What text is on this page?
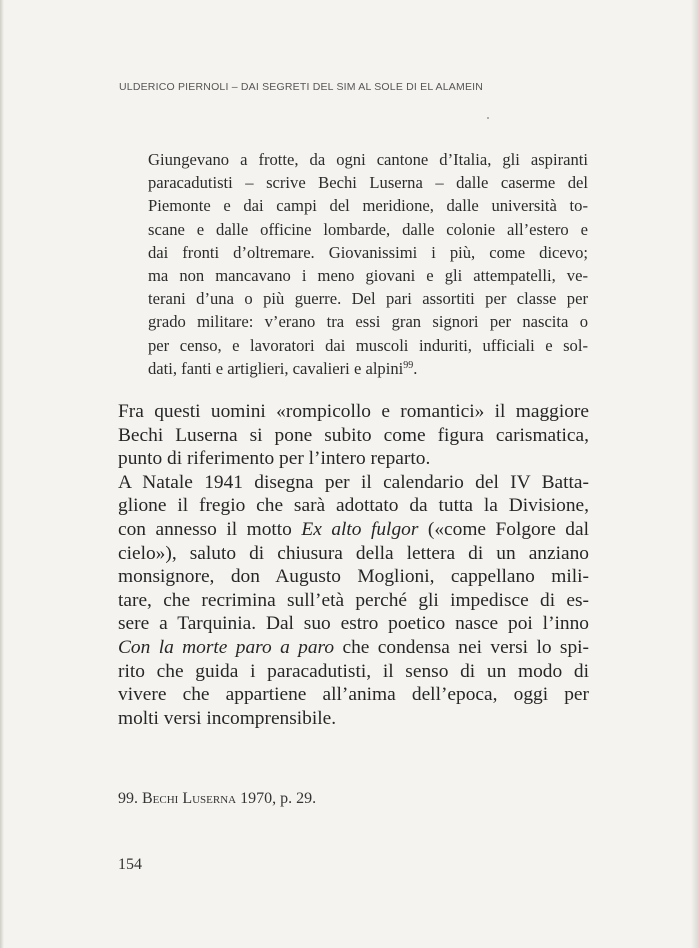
ULDERICO PIERNOLI – DAI SEGRETI DEL SIM AL SOLE DI EL ALAMEIN
Giungevano a frotte, da ogni cantone d’Italia, gli aspiranti
paracadutisti – scrive Bechi Luserna – dalle caserme del
Piemonte e dai campi del meridione, dalle università to-
scane e dalle officine lombarde, dalle colonie all’estero e
dai fronti d’oltremare. Giovanissimi i più, come dicevo;
ma non mancavano i meno giovani e gli attempatelli, ve-
terani d’una o più guerre. Del pari assortiti per classe per
grado militare: v’erano tra essi gran signori per nascita o
per censo, e lavoratori dai muscoli induriti, ufficiali e sol-
dati, fanti e artiglieri, cavalieri e alpini$^{99}$.
Fra questi uomini «rompicollo e romantici» il maggiore
Bechi Luserna si pone subito come figura carismatica,
punto di riferimento per l’intero reparto.
A Natale 1941 disegna per il calendario del IV Batta-
glione il fregio che sarà adottato da tutta la Divisione,
con annesso il motto Ex alto fulgor («come Folgore dal
cielo»), saluto di chiusura della lettera di un anziano
monsignore, don Augusto Moglioni, cappellano mili-
tare, che recrimina sull’età perché gli impedisce di es-
sere a Tarquinia. Dal suo estro poetico nasce poi l’inno
Con la morte paro a paro che condensa nei versi lo spi-
rito che guida i paracadutisti, il senso di un modo di
vivere che appartiene all’anima dell’epoca, oggi per
molti versi incomprensibile.
99. Bechi Luserna 1970, p. 29.
154
